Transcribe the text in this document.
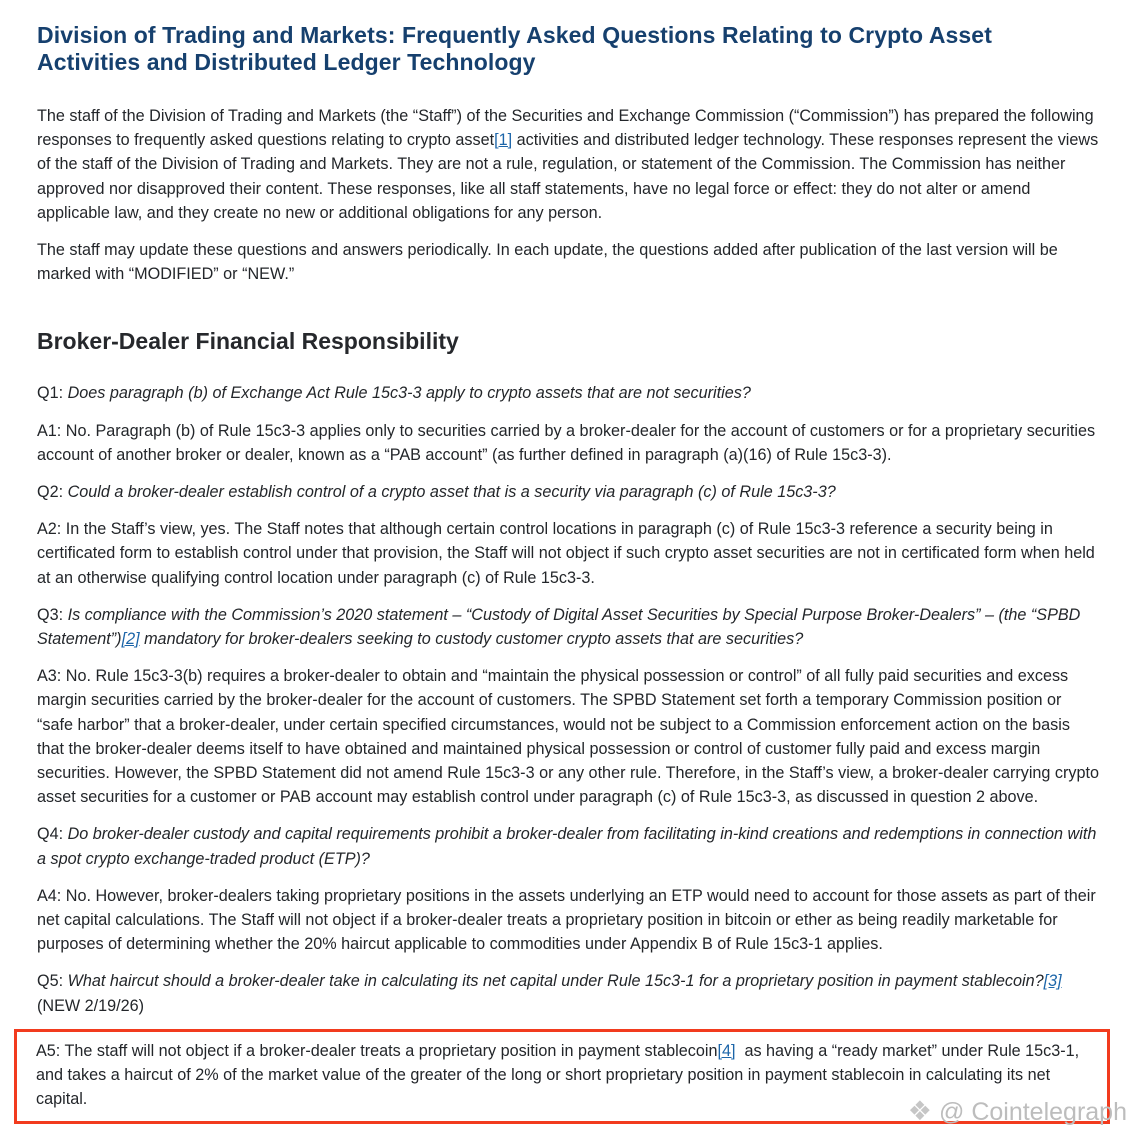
Division of Trading and Markets: Frequently Asked Questions Relating to Crypto Asset Activities and Distributed Ledger Technology

The staff of the Division of Trading and Markets (the “Staff”) of the Securities and Exchange Commission (“Commission”) has prepared the following responses to frequently asked questions relating to crypto asset[1] activities and distributed ledger technology. These responses represent the views of the staff of the Division of Trading and Markets. They are not a rule, regulation, or statement of the Commission. The Commission has neither approved nor disapproved their content. These responses, like all staff statements, have no legal force or effect: they do not alter or amend applicable law, and they create no new or additional obligations for any person.

The staff may update these questions and answers periodically. In each update, the questions added after publication of the last version will be marked with “MODIFIED” or “NEW.”

Broker-Dealer Financial Responsibility

Q1: Does paragraph (b) of Exchange Act Rule 15c3-3 apply to crypto assets that are not securities?

A1: No. Paragraph (b) of Rule 15c3-3 applies only to securities carried by a broker-dealer for the account of customers or for a proprietary securities account of another broker or dealer, known as a “PAB account” (as further defined in paragraph (a)(16) of Rule 15c3-3).

Q2: Could a broker-dealer establish control of a crypto asset that is a security via paragraph (c) of Rule 15c3-3?

A2: In the Staff’s view, yes. The Staff notes that although certain control locations in paragraph (c) of Rule 15c3-3 reference a security being in certificated form to establish control under that provision, the Staff will not object if such crypto asset securities are not in certificated form when held at an otherwise qualifying control location under paragraph (c) of Rule 15c3-3.

Q3: Is compliance with the Commission’s 2020 statement – “Custody of Digital Asset Securities by Special Purpose Broker-Dealers” – (the “SPBD Statement”)[2] mandatory for broker-dealers seeking to custody customer crypto assets that are securities?

A3: No. Rule 15c3-3(b) requires a broker-dealer to obtain and “maintain the physical possession or control” of all fully paid securities and excess margin securities carried by the broker-dealer for the account of customers. The SPBD Statement set forth a temporary Commission position or “safe harbor” that a broker-dealer, under certain specified circumstances, would not be subject to a Commission enforcement action on the basis that the broker-dealer deems itself to have obtained and maintained physical possession or control of customer fully paid and excess margin securities. However, the SPBD Statement did not amend Rule 15c3-3 or any other rule. Therefore, in the Staff’s view, a broker-dealer carrying crypto asset securities for a customer or PAB account may establish control under paragraph (c) of Rule 15c3-3, as discussed in question 2 above.

Q4: Do broker-dealer custody and capital requirements prohibit a broker-dealer from facilitating in-kind creations and redemptions in connection with a spot crypto exchange-traded product (ETP)?

A4: No. However, broker-dealers taking proprietary positions in the assets underlying an ETP would need to account for those assets as part of their net capital calculations. The Staff will not object if a broker-dealer treats a proprietary position in bitcoin or ether as being readily marketable for purposes of determining whether the 20% haircut applicable to commodities under Appendix B of Rule 15c3-1 applies.

Q5: What haircut should a broker-dealer take in calculating its net capital under Rule 15c3-1 for a proprietary position in payment stablecoin?[3] (NEW 2/19/26)

A5: The staff will not object if a broker-dealer treats a proprietary position in payment stablecoin[4]  as having a “ready market” under Rule 15c3-1, and takes a haircut of 2% of the market value of the greater of the long or short proprietary position in payment stablecoin in calculating its net capital.	❖ @ Cointelegraph
